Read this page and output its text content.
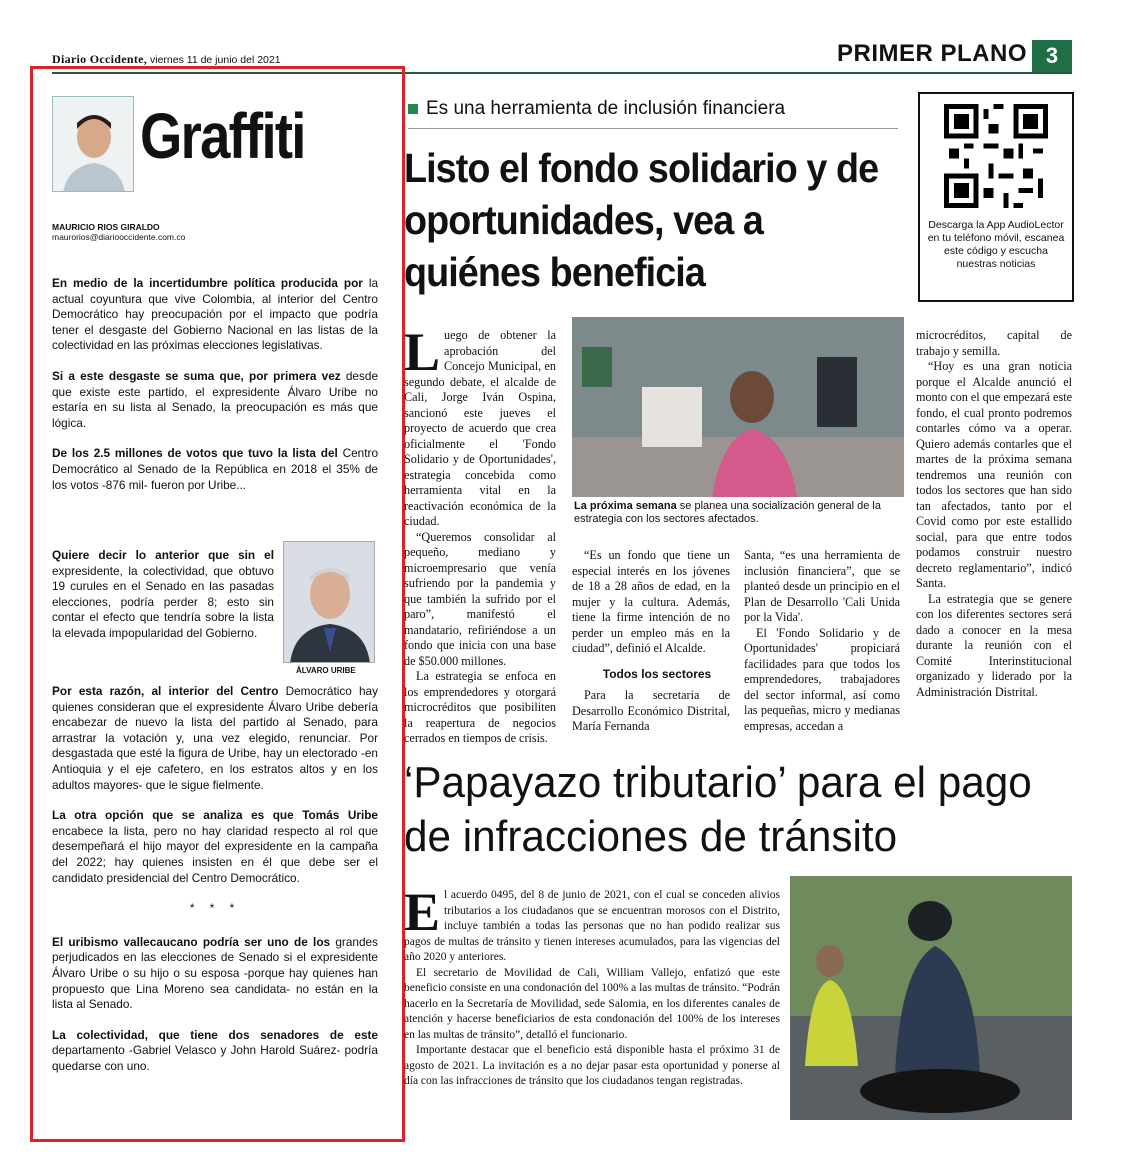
Diario Occidente, viernes 11 de junio del 2021	PRIMER PLANO 3
Graffiti
MAURICIO RIOS GIRALDO
maurorios@diariooccidente.com.co

En medio de la incertidumbre política producida por la actual coyuntura que vive Colombia, al interior del Centro Democrático hay preocupación por el impacto que podría tener el desgaste del Gobierno Nacional en las listas de la colectividad en las próximas elecciones legislativas.

Si a este desgaste se suma que, por primera vez desde que existe este partido, el expresidente Álvaro Uribe no estaría en su lista al Senado, la preocupación es más que lógica.

De los 2.5 millones de votos que tuvo la lista del Centro Democrático al Senado de la República en 2018 el 35% de los votos -876 mil- fueron por Uribe...

Quiere decir lo anterior que sin el expresidente, la colectividad, que obtuvo 19 curules en el Senado en las pasadas elecciones, podría perder 8; esto sin contar el efecto que tendría sobre la lista la elevada impopularidad del Gobierno.

ÁLVARO URIBE

Por esta razón, al interior del Centro Democrático hay quienes consideran que el expresidente Álvaro Uribe debería encabezar de nuevo la lista del partido al Senado, para arrastrar la votación y, una vez elegido, renunciar. Por desgastada que esté la figura de Uribe, hay un electorado -en Antioquia y el eje cafetero, en los estratos altos y en los adultos mayores- que le sigue fielmente.

La otra opción que se analiza es que Tomás Uribe encabece la lista, pero no hay claridad respecto al rol que desempeñará el hijo mayor del expresidente en la campaña del 2022; hay quienes insisten en él que debe ser el candidato presidencial del Centro Democrático.

* * *

El uribismo vallecaucano podría ser uno de los grandes perjudicados en las elecciones de Senado si el expresidente Álvaro Uribe o su hijo o su esposa -porque hay quienes han propuesto que Lina Moreno sea candidata- no están en la lista al Senado.

La colectividad, que tiene dos senadores de este departamento -Gabriel Velasco y John Harold Suárez- podría quedarse con uno.

Es una herramienta de inclusión financiera
Listo el fondo solidario y de oportunidades, vea a quiénes beneficia
Descarga la App AudioLector en tu teléfono móvil, escanea este código y escucha nuestras noticias

Luego de obtener la aprobación del Concejo Municipal, en segundo debate, el alcalde de Cali, Jorge Iván Ospina, sancionó este jueves el proyecto de acuerdo que crea oficialmente el 'Fondo Solidario y de Oportunidades', estrategia concebida como herramienta vital en la reactivación económica de la ciudad.

“Queremos consolidar al pequeño, mediano y microempresario que venía sufriendo por la pandemia y que también la sufrido por el paro”, manifestó el mandatario, refiriéndose a un fondo que inicia con una base de $50.000 millones.

La estrategia se enfoca en los emprendedores y otorgará microcréditos que posibiliten la reapertura de negocios cerrados en tiempos de crisis.

La próxima semana se planea una socialización general de la estrategia con los sectores afectados.

“Es un fondo que tiene un especial interés en los jóvenes de 18 a 28 años de edad, en la mujer y la cultura. Además, tiene la firme intención de no perder un empleo más en la ciudad”, definió el Alcalde.

Todos los sectores

Para la secretaria de Desarrollo Económico Distrital, María Fernanda

Santa, “es una herramienta de inclusión financiera”, que se planteó desde un principio en el Plan de Desarrollo 'Cali Unida por la Vida'.

El 'Fondo Solidario y de Oportunidades' propiciará facilidades para que todos los emprendedores, trabajadores del sector informal, así como las pequeñas, micro y medianas empresas, accedan a

microcréditos, capital de trabajo y semilla.

“Hoy es una gran noticia porque el Alcalde anunció el monto con el que empezará este fondo, el cual pronto podremos contarles cómo va a operar. Quiero además contarles que el martes de la próxima semana tendremos una reunión con todos los sectores que han sido tan afectados, tanto por el Covid como por este estallido social, para que entre todos podamos construir nuestro decreto reglamentario”, indicó Santa.

La estrategia que se genere con los diferentes sectores será dado a conocer en la mesa durante la reunión con el Comité Interinstitucional organizado y liderado por la Administración Distrital.

‘Papayazo tributario’ para el pago de infracciones de tránsito

El acuerdo 0495, del 8 de junio de 2021, con el cual se conceden alivios tributarios a los ciudadanos que se encuentran morosos con el Distrito, incluye también a todas las personas que no han podido realizar sus pagos de multas de tránsito y tienen intereses acumulados, para las vigencias del año 2020 y anteriores.

El secretario de Movilidad de Cali, William Vallejo, enfatizó que este beneficio consiste en una condonación del 100% a las multas de tránsito. “Podrán hacerlo en la Secretaría de Movilidad, sede Salomia, en los diferentes canales de atención y hacerse beneficiarios de esta condonación del 100% de los intereses en las multas de tránsito”, detalló el funcionario.

Importante destacar que el beneficio está disponible hasta el próximo 31 de agosto de 2021. La invitación es a no dejar pasar esta oportunidad y ponerse al día con las infracciones de tránsito que los ciudadanos tengan registradas.
